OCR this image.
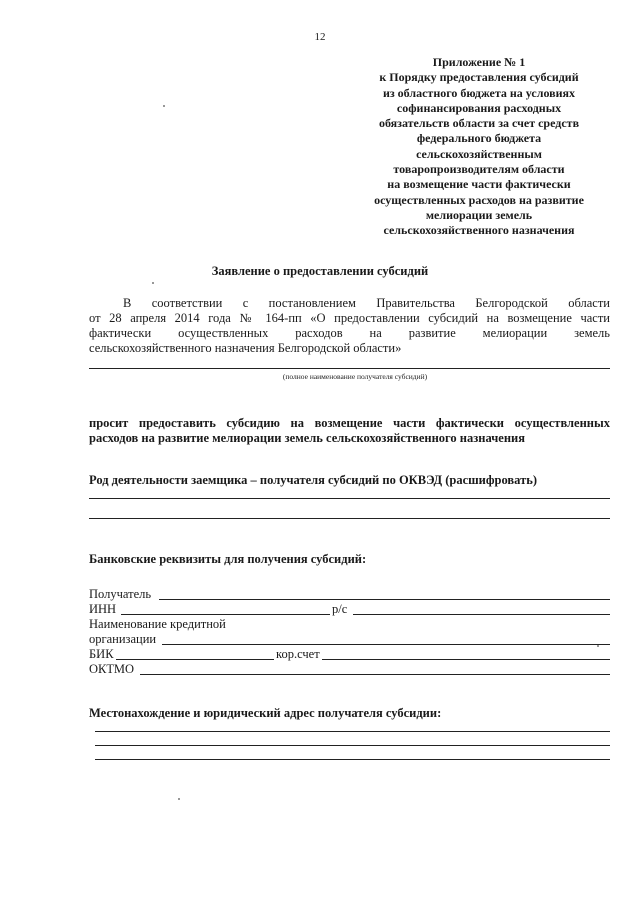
12
Приложение № 1
к Порядку предоставления субсидий
из областного бюджета на условиях
софинансирования расходных
обязательств области за счет средств
федерального бюджета
сельскохозяйственным
товаропроизводителям области
на возмещение части фактически
осуществленных расходов на развитие
мелиорации земель
сельскохозяйственного назначения
Заявление о предоставлении субсидий
В соответствии с постановлением Правительства Белгородской области
от 28 апреля 2014 года № 164-пп «О предоставлении субсидий на возмещение части
фактически осуществленных расходов на развитие мелиорации земель
сельскохозяйственного назначения Белгородской области»
(полное наименование получателя субсидий)
просит предоставить субсидию на возмещение части фактически осуществленных
расходов на развитие мелиорации земель сельскохозяйственного назначения
Род деятельности заемщика – получателя субсидий по ОКВЭД (расшифровать)
Банковские реквизиты для получения субсидий:
Получатель
ИНН	р/с
Наименование кредитной
организации
БИК	кор.счет
ОКТМО
Местонахождение и юридический адрес получателя субсидии:
